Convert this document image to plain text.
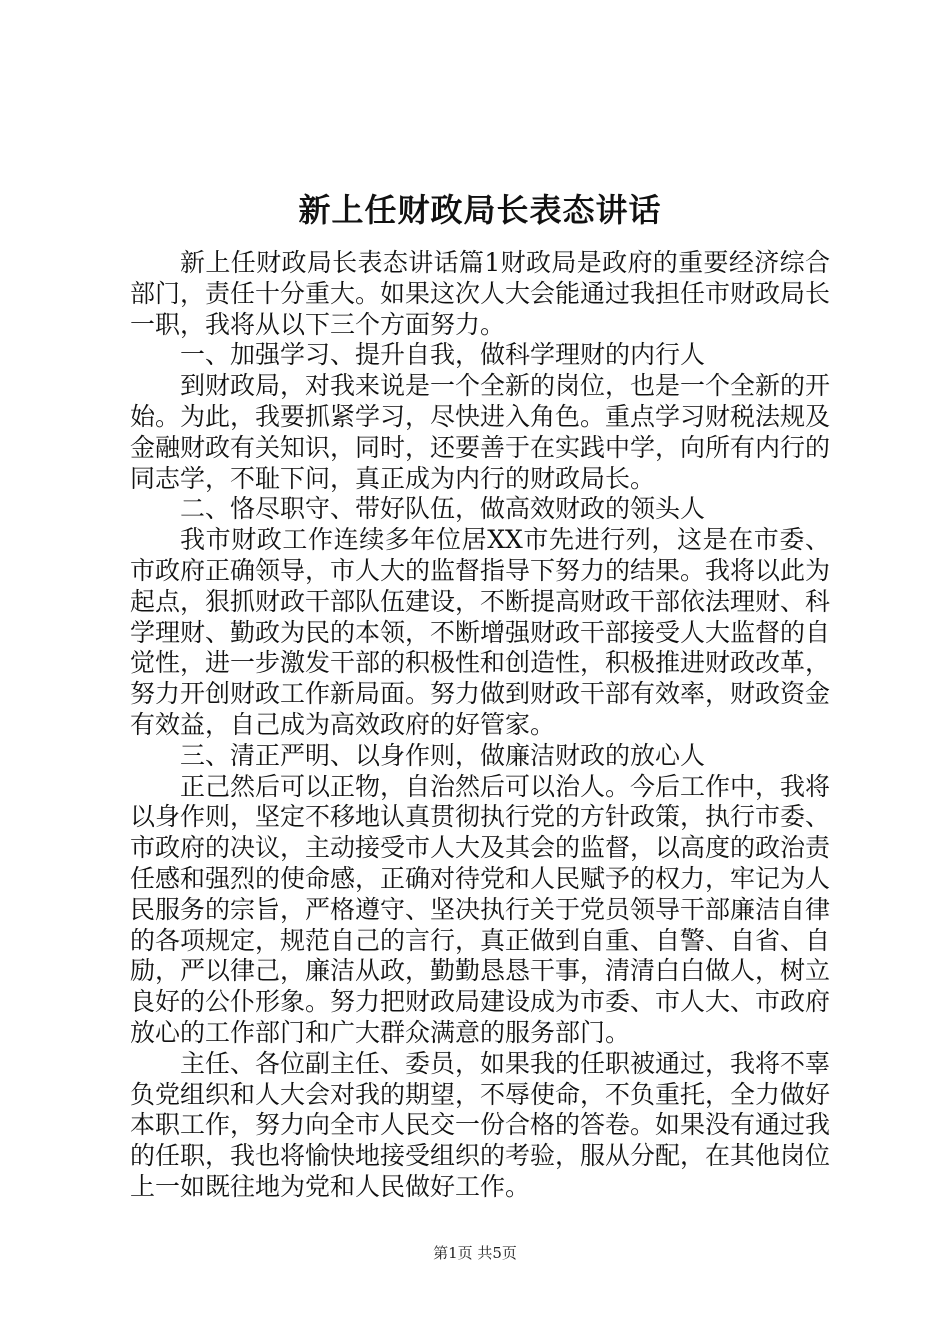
新上任财政局长表态讲话

新上任财政局长表态讲话篇1财政局是政府的重要经济综合部门，责任十分重大。如果这次人大会能通过我担任市财政局长一职，我将从以下三个方面努力。

一、加强学习、提升自我，做科学理财的内行人

到财政局，对我来说是一个全新的岗位，也是一个全新的开始。为此，我要抓紧学习，尽快进入角色。重点学习财税法规及金融财政有关知识，同时，还要善于在实践中学，向所有内行的同志学，不耻下问，真正成为内行的财政局长。

二、恪尽职守、带好队伍，做高效财政的领头人

我市财政工作连续多年位居XX市先进行列，这是在市委、市政府正确领导，市人大的监督指导下努力的结果。我将以此为起点，狠抓财政干部队伍建设，不断提高财政干部依法理财、科学理财、勤政为民的本领，不断增强财政干部接受人大监督的自觉性，进一步激发干部的积极性和创造性，积极推进财政改革，努力开创财政工作新局面。努力做到财政干部有效率，财政资金有效益，自己成为高效政府的好管家。

三、清正严明、以身作则，做廉洁财政的放心人

正己然后可以正物，自治然后可以治人。今后工作中，我将以身作则，坚定不移地认真贯彻执行党的方针政策，执行市委、市政府的决议，主动接受市人大及其会的监督，以高度的政治责任感和强烈的使命感，正确对待党和人民赋予的权力，牢记为人民服务的宗旨，严格遵守、坚决执行关于党员领导干部廉洁自律的各项规定，规范自己的言行，真正做到自重、自警、自省、自励，严以律己，廉洁从政，勤勤恳恳干事，清清白白做人，树立良好的公仆形象。努力把财政局建设成为市委、市人大、市政府放心的工作部门和广大群众满意的服务部门。

主任、各位副主任、委员，如果我的任职被通过，我将不辜负党组织和人大会对我的期望，不辱使命，不负重托，全力做好本职工作，努力向全市人民交一份合格的答卷。如果没有通过我的任职，我也将愉快地接受组织的考验，服从分配，在其他岗位上一如既往地为党和人民做好工作。

第1页 共5页
